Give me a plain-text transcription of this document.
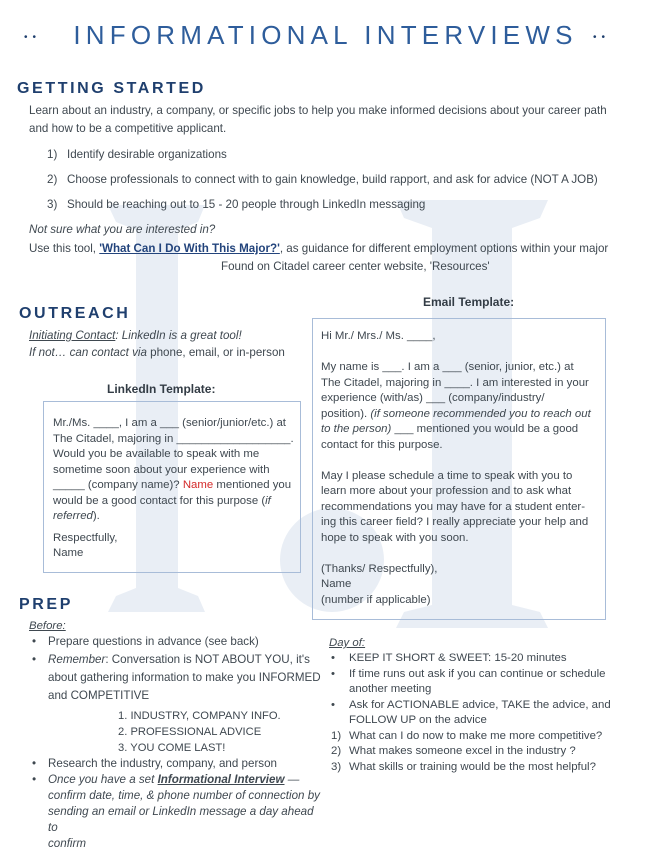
••	••
INFORMATIONAL INTERVIEWS
GETTING STARTED
Learn about an industry, a company, or specific jobs to help you make informed decisions about your career path
and how to be a competitive applicant.
1) Identify desirable organizations
2) Choose professionals to connect with to gain knowledge, build rapport, and ask for advice (NOT A JOB)
3) Should be reaching out to 15 - 20 people through LinkedIn messaging
Not sure what you are interested in?
Use this tool, 'What Can I Do With This Major?', as guidance for different employment options within your major
Found on Citadel career center website, 'Resources'
OUTREACH
Initiating Contact: LinkedIn is a great tool!
If not… can contact via phone, email, or in-person
LinkedIn Template:
Mr./Ms. ____, I am a ___ (senior/junior/etc.) at
The Citadel, majoring in __________________.
Would you be available to speak with me
sometime soon about your experience with
_____ (company name)? Name mentioned you
would be a good contact for this purpose (if
referred).
Respectfully,
Name
Email Template:
Hi Mr./ Mrs./ Ms. ____,
My name is ___. I am a ___ (senior, junior, etc.) at
The Citadel, majoring in ____. I am interested in your
experience (with/as) ___ (company/industry/
position). (if someone recommended you to reach out
to the person) ___ mentioned you would be a good
contact for this purpose.
May I please schedule a time to speak with you to
learn more about your profession and to ask what
recommendations you may have for a student enter-
ing this career field? I really appreciate your help and
hope to speak with you soon.
(Thanks/ Respectfully),
Name
(number if applicable)
PREP
Before:
• Prepare questions in advance (see back)
• Remember: Conversation is NOT ABOUT YOU, it's
about gathering information to make you INFORMED
and COMPETITIVE
1. INDUSTRY, COMPANY INFO.
2. PROFESSIONAL ADVICE
3. YOU COME LAST!
• Research the industry, company, and person
• Once you have a set Informational Interview —
confirm date, time, & phone number of connection by
sending an email or LinkedIn message a day ahead to
confirm
Day of:
• KEEP IT SHORT & SWEET: 15-20 minutes
• If time runs out ask if you can continue or schedule
another meeting
• Ask for ACTIONABLE advice, TAKE the advice, and
FOLLOW UP on the advice
1) What can I do now to make me more competitive?
2) What makes someone excel in the industry ?
3) What skills or training would be the most helpful?
